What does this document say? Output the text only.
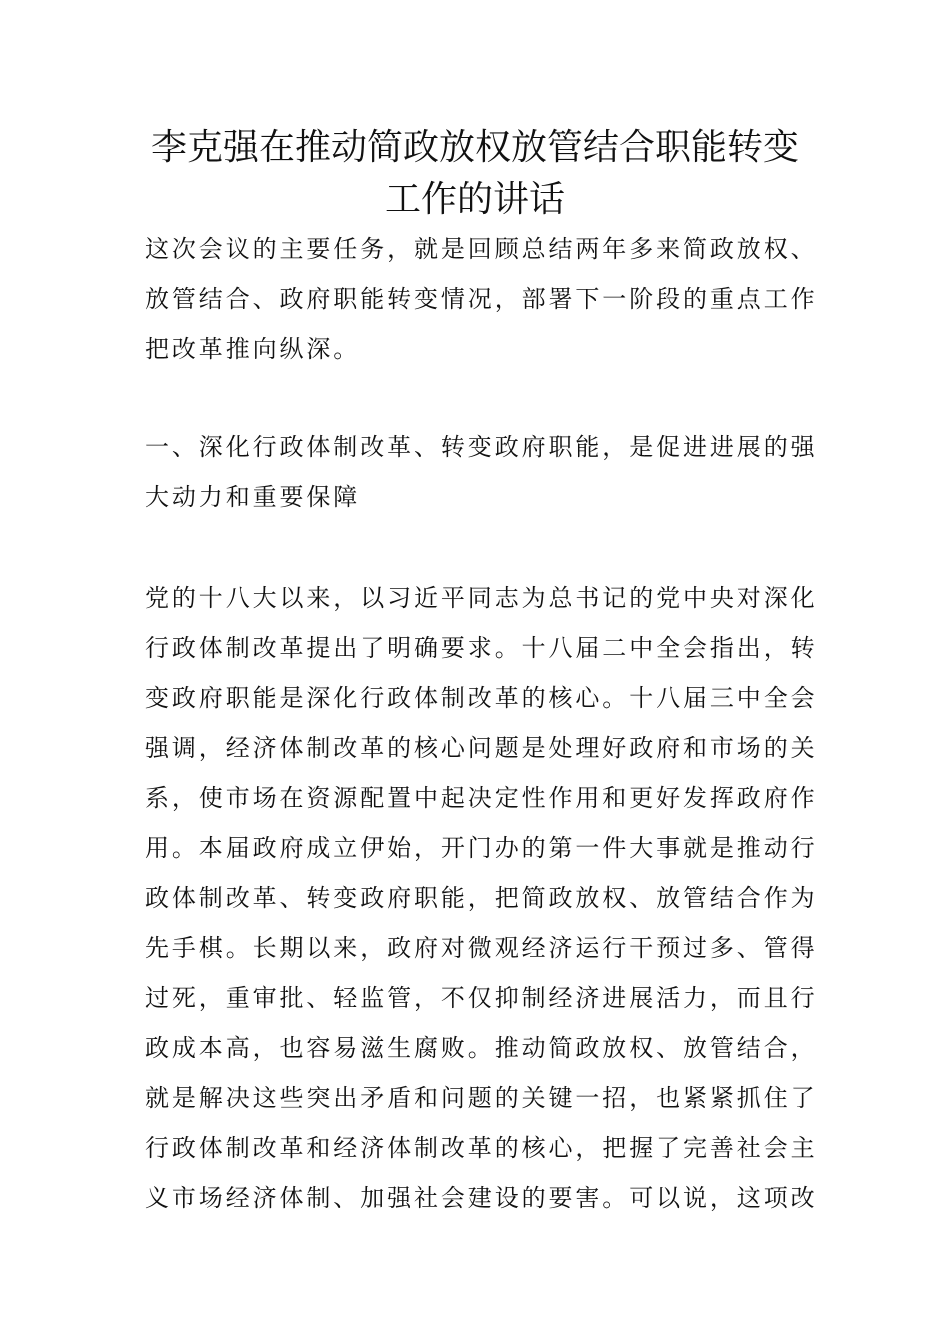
李克强在推动简政放权放管结合职能转变
工作的讲话

这次会议的主要任务，就是回顾总结两年多来简政放权、
放管结合、政府职能转变情况，部署下一阶段的重点工作
把改革推向纵深。

一、深化行政体制改革、转变政府职能，是促进进展的强
大动力和重要保障

党的十八大以来，以习近平同志为总书记的党中央对深化
行政体制改革提出了明确要求。十八届二中全会指出，转
变政府职能是深化行政体制改革的核心。十八届三中全会
强调，经济体制改革的核心问题是处理好政府和市场的关
系，使市场在资源配置中起决定性作用和更好发挥政府作
用。本届政府成立伊始，开门办的第一件大事就是推动行
政体制改革、转变政府职能，把简政放权、放管结合作为
先手棋。长期以来，政府对微观经济运行干预过多、管得
过死，重审批、轻监管，不仅抑制经济进展活力，而且行
政成本高，也容易滋生腐败。推动简政放权、放管结合，
就是解决这些突出矛盾和问题的关键一招，也紧紧抓住了
行政体制改革和经济体制改革的核心，把握了完善社会主
义市场经济体制、加强社会建设的要害。可以说，这项改
